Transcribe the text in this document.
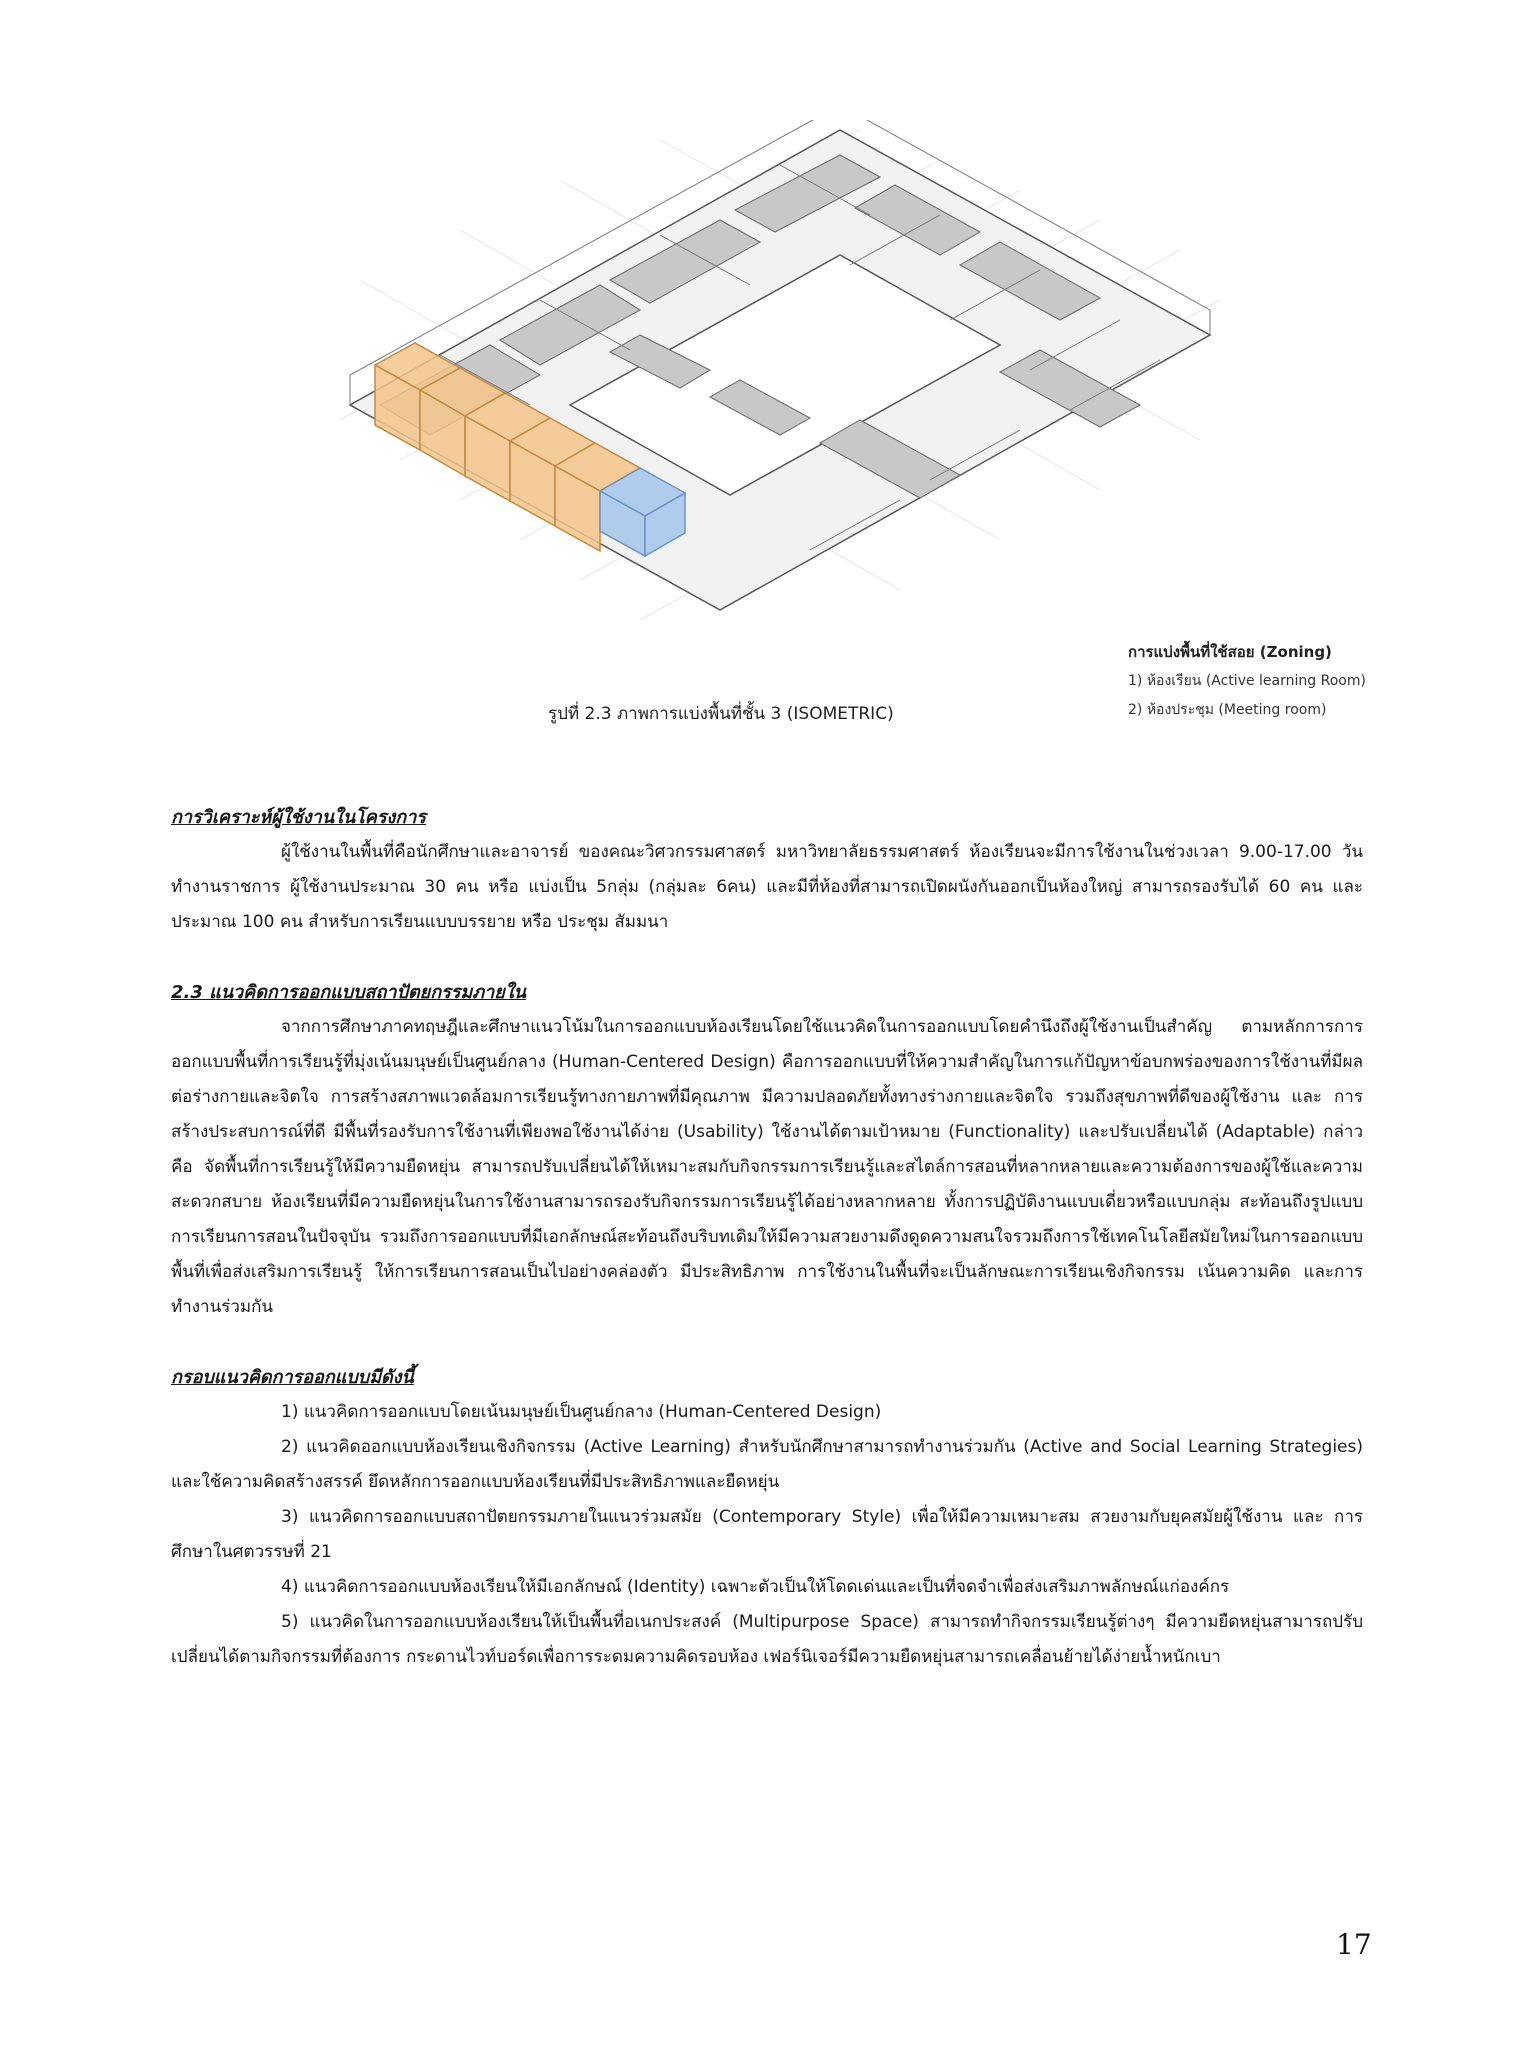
การแบ่งพื้นที่ใช้สอย (Zoning)
1) ห้องเรียน (Active learning Room)
2) ห้องประชุม (Meeting room)
รูปที่ 2.3 ภาพการแบ่งพื้นที่ชั้น 3 (ISOMETRIC)

การวิเคราะห์ผู้ใช้งานในโครงการ

ผู้ใช้งานในพื้นที่คือนักศึกษาและอาจารย์ ของคณะวิศวกรรมศาสตร์ มหาวิทยาลัยธรรมศาสตร์ ห้องเรียนจะมีการใช้งานในช่วงเวลา 9.00-17.00 วันทำงานราชการ ผู้ใช้งานประมาณ 30 คน หรือ แบ่งเป็น 5กลุ่ม (กลุ่มละ 6คน) และมีที่ห้องที่สามารถเปิดผนังกันออกเป็นห้องใหญ่ สามารถรองรับได้ 60 คน และ ประมาณ 100 คน สำหรับการเรียนแบบบรรยาย หรือ ประชุม สัมมนา

2.3 แนวคิดการออกแบบสถาปัตยกรรมภายใน

จากการศึกษาภาคทฤษฎีและศึกษาแนวโน้มในการออกแบบห้องเรียนโดยใช้แนวคิดในการออกแบบโดยคำนึงถึงผู้ใช้งานเป็นสำคัญ ตามหลักการการออกแบบพื้นที่การเรียนรู้ที่มุ่งเน้นมนุษย์เป็นศูนย์กลาง (Human-Centered Design) คือการออกแบบที่ให้ความสำคัญในการแก้ปัญหาข้อบกพร่องของการใช้งานที่มีผลต่อร่างกายและจิตใจ การสร้างสภาพแวดล้อมการเรียนรู้ทางกายภาพที่มีคุณภาพ มีความปลอดภัยทั้งทางร่างกายและจิตใจ รวมถึงสุขภาพที่ดีของผู้ใช้งาน และ การสร้างประสบการณ์ที่ดี มีพื้นที่รองรับการใช้งานที่เพียงพอใช้งานได้ง่าย (Usability) ใช้งานได้ตามเป้าหมาย (Functionality) และปรับเปลี่ยนได้ (Adaptable) กล่าวคือ จัดพื้นที่การเรียนรู้ให้มีความยืดหยุ่น สามารถปรับเปลี่ยนได้ให้เหมาะสมกับกิจกรรมการเรียนรู้และสไตล์การสอนที่หลากหลายและความต้องการของผู้ใช้และความ สะดวกสบาย ห้องเรียนที่มีความยืดหยุ่นในการใช้งานสามารถรองรับกิจกรรมการเรียนรู้ได้อย่างหลากหลาย ทั้งการปฏิบัติงานแบบเดี่ยวหรือแบบกลุ่ม สะท้อนถึงรูปแบบการเรียนการสอนในปัจจุบัน รวมถึงการออกแบบที่มีเอกลักษณ์สะท้อนถึงบริบทเดิมให้มีความสวยงามดึงดูดความสนใจรวมถึงการใช้เทคโนโลยีสมัยใหม่ในการออกแบบพื้นที่เพื่อส่งเสริมการเรียนรู้ ให้การเรียนการสอนเป็นไปอย่างคล่องตัว มีประสิทธิภาพ การใช้งานในพื้นที่จะเป็นลักษณะการเรียนเชิงกิจกรรม เน้นความคิด และการทำงานร่วมกัน

กรอบแนวคิดการออกแบบมีดังนี้

1) แนวคิดการออกแบบโดยเน้นมนุษย์เป็นศูนย์กลาง (Human-Centered Design)

2) แนวคิดออกแบบห้องเรียนเชิงกิจกรรม (Active Learning) สำหรับนักศึกษาสามารถทำงานร่วมกัน (Active and Social Learning Strategies) และใช้ความคิดสร้างสรรค์ ยึดหลักการออกแบบห้องเรียนที่มีประสิทธิภาพและยืดหยุ่น

3) แนวคิดการออกแบบสถาปัตยกรรมภายในแนวร่วมสมัย (Contemporary Style) เพื่อให้มีความเหมาะสม สวยงามกับยุคสมัยผู้ใช้งาน และ การศึกษาในศตวรรษที่ 21

4) แนวคิดการออกแบบห้องเรียนให้มีเอกลักษณ์ (Identity) เฉพาะตัวเป็นให้โดดเด่นและเป็นที่จดจำเพื่อส่งเสริมภาพลักษณ์แก่องค์กร

5) แนวคิดในการออกแบบห้องเรียนให้เป็นพื้นที่อเนกประสงค์ (Multipurpose Space) สามารถทำกิจกรรมเรียนรู้ต่างๆ มีความยืดหยุ่นสามารถปรับเปลี่ยนได้ตามกิจกรรมที่ต้องการ กระดานไวท์บอร์ดเพื่อการระดมความคิดรอบห้อง เฟอร์นิเจอร์มีความยืดหยุ่นสามารถเคลื่อนย้ายได้ง่ายน้ำหนักเบา

17
